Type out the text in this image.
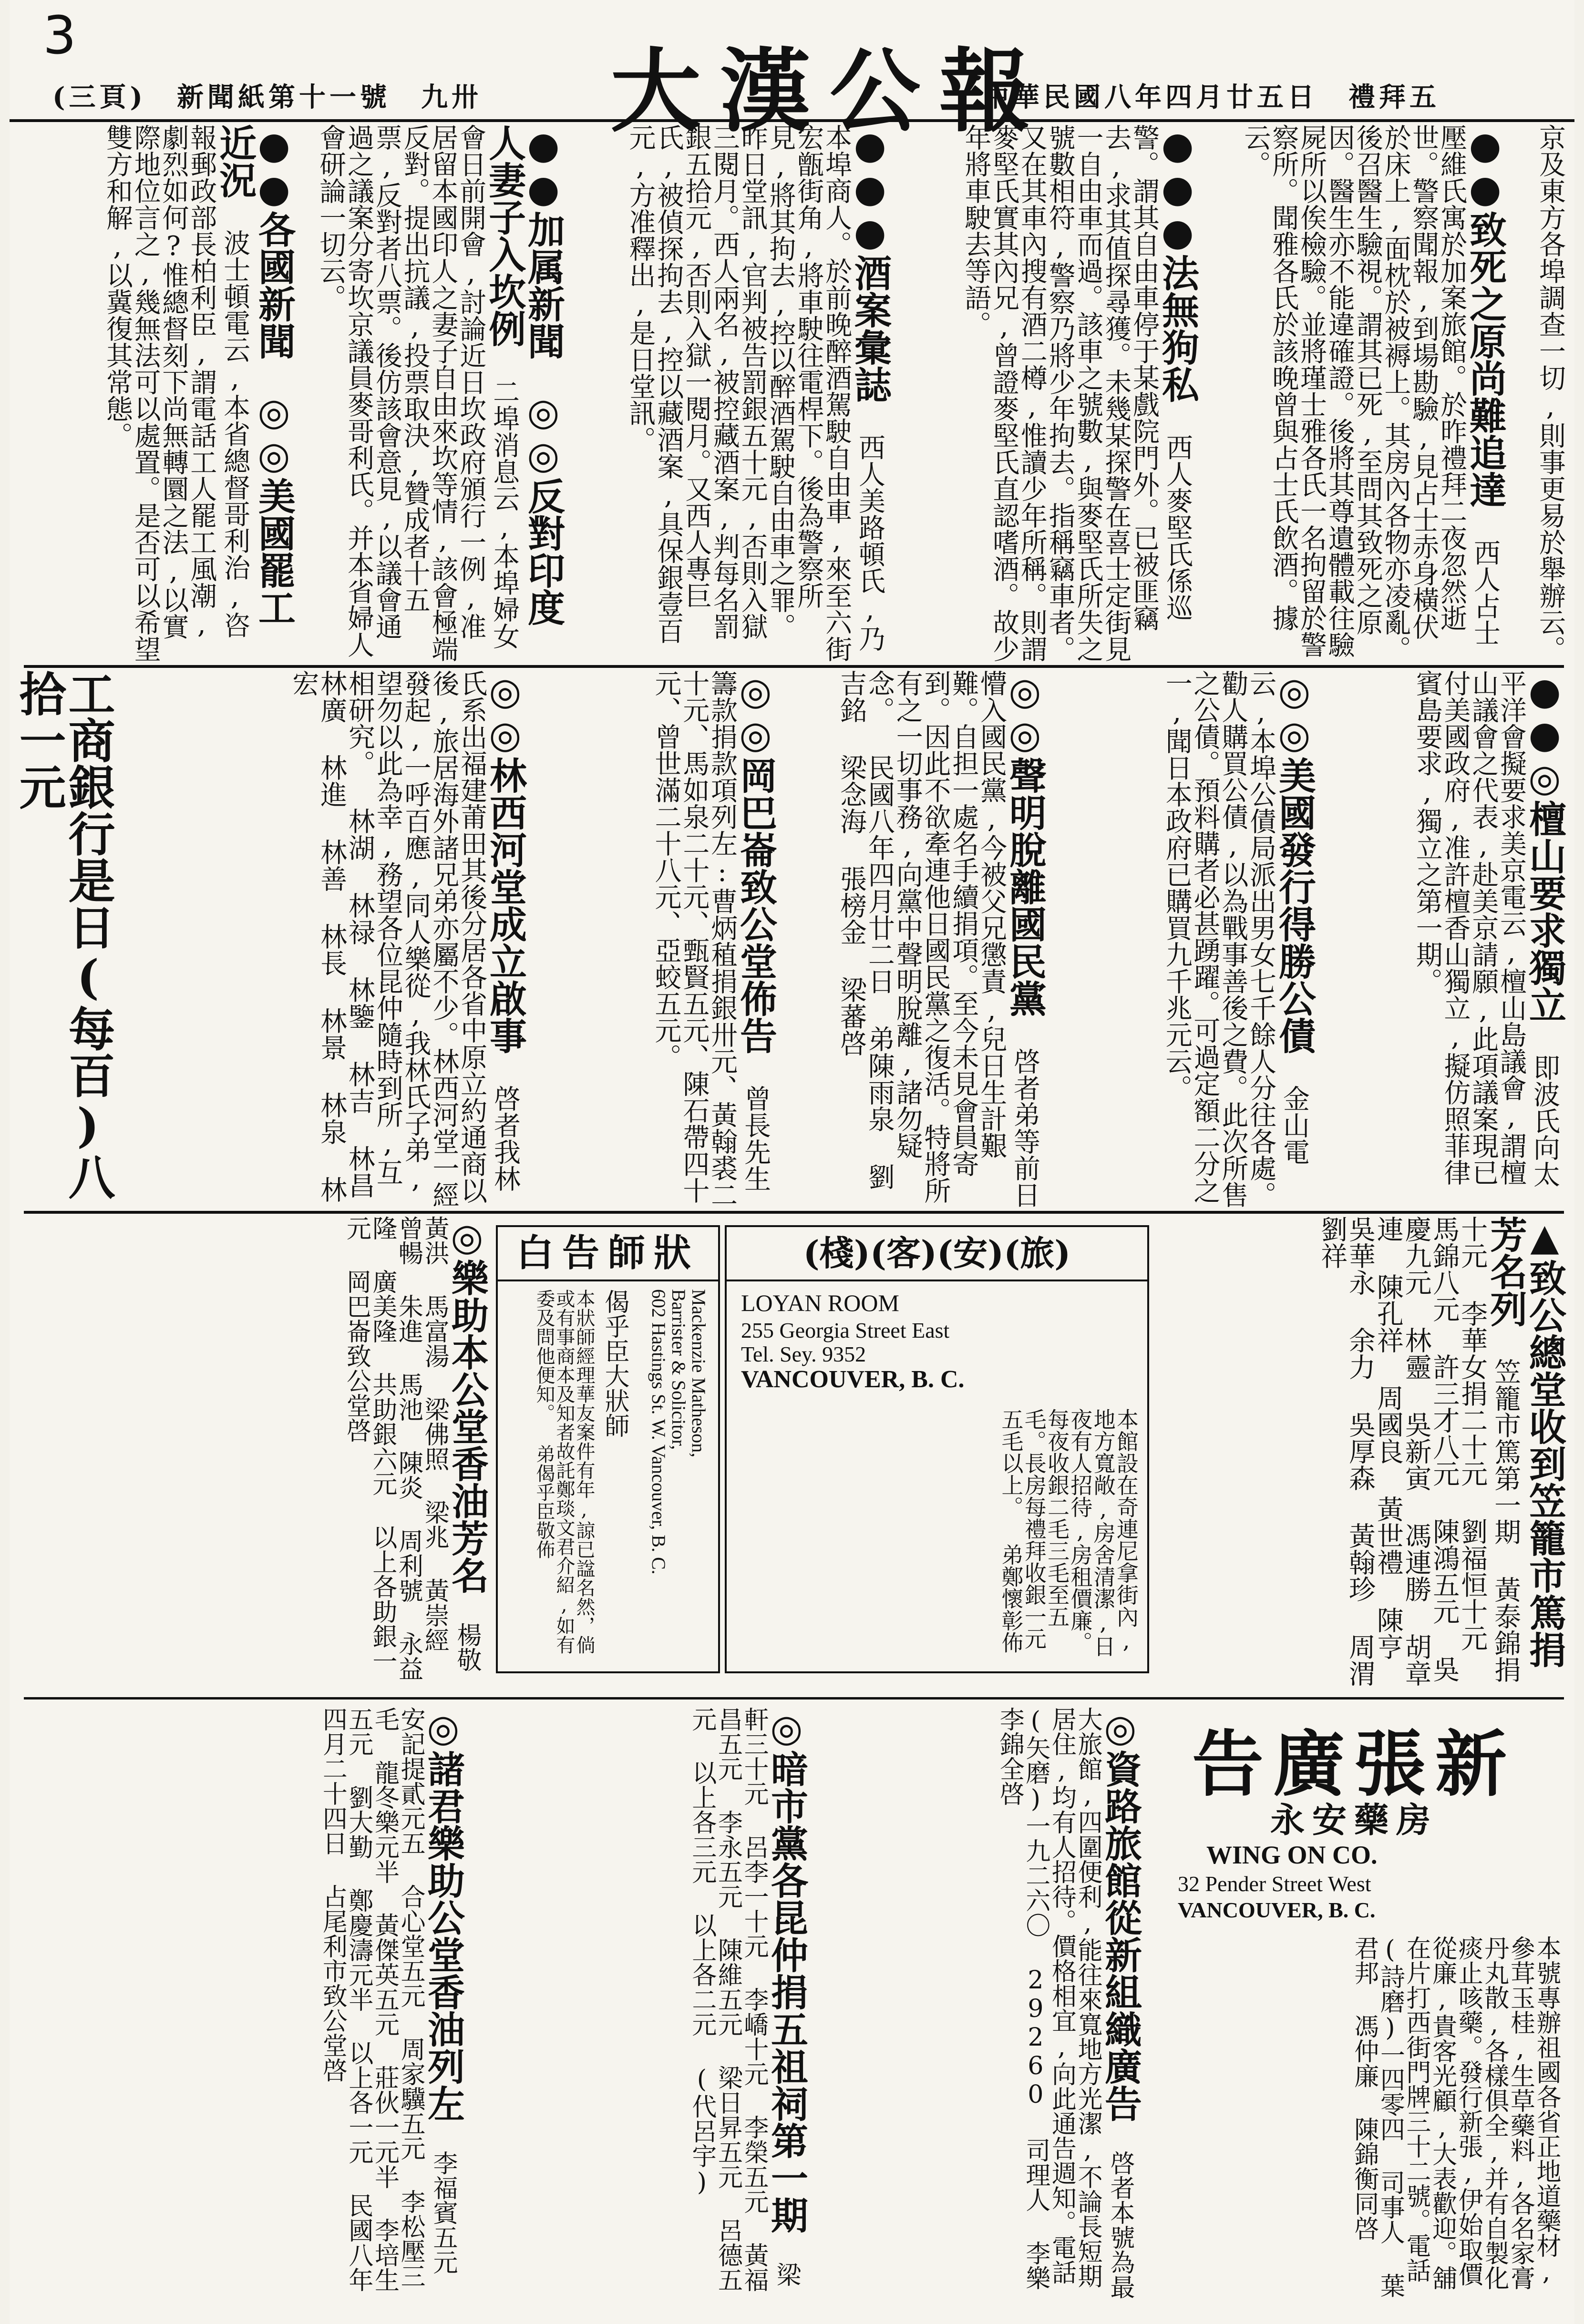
3
(三頁)　新聞紙第十一號　九卅 大漢公報
中華民國八年四月廿五日　禮拜五
京及東方各埠調查一切,則事更易於舉辦云。
●●致死之原尚難追達 西人占士壓維氏寓於加案旅館。於昨禮拜二夜忽然逝世。警察聞報,到場勘驗,見占士赤身橫伏於床上,面枕於被褥上。其房內各物亦凌亂。後召醫生驗視。謂其已死,至問其致死之原因。醫生亦不能違確證。後將其尊遺體載往驗屍所以俟檢驗。並將瑾士雅各氏一名拘留於警察所。聞雅各氏於該晚曾與占士氏飲酒。據云。
●●●法無狗私 西人麥堅氏係巡警。謂其自由車停于某戲院門外。已被匪竊去,求其值探尋獲。未幾某探警在喜士定街見一自由車而過。該車之號數,與麥堅氏所失之號數相符,警察乃將少年拘去。指稱竊車者。又在其車內搜有酒二樽,惟讀少年所稱。則謂麥堅氏實其內兄,曾證麥堅氏直認嗜酒。故少年將車駛去等語。
●●●酒案彙誌 西人美路頓氏,乃本埠商人。於前晚醉酒駕駛自由車,來至六街宏甑街角,將車駛往電桿下。後為警察所見,將其拘去,控以醉酒駕駛自由車之罪。昨日堂訊,官判被告罰銀五十元,否則入獄三閱月。西人兩名,被控藏酒案,判每名罰銀五拾元,否則入獄一閱月。又西人專巨氏,被偵探拘去,控以藏酒案,具保銀壹百元,方准釋出,是日堂訊。
●●加属新聞 ◎◎反對印度人妻子入坎例 二埠消息云,本埠婦女會日前開會,討論近日坎政府頒行一例,准居留本國印人之妻子自由來坎等情,該會極端反對。提出抗議,投票取決,贊成者十五票,反對者八票。後仿該會意見,以議會通過之議案分寄坎京議員麥哥利氏。并本省婦人會研論一切云。
●●各國新聞 ◎◎美國罷工近況 波士頓電云,本省總督哥利治,咨報郵政部長柏利臣,謂電話工人罷工風潮,劇烈如何?惟總督刻下尚無轉圜之法,以實際地位言之,幾無法可以處置。是否可以希望雙方和解,以冀復其常態。
●●◎檀山要求獨立 即波氏向太平洋會擬要求美京電云,檀山島議會,謂檀山議會之代表,赴美京請願,此項議案現已付美國政府,准許檀香山獨立,擬仿照菲律賓島要求,獨立之第一期。
◎◎美國發行得勝公債 金山電云,本埠公債局派出男女七千餘人分往各處。勸人購買公債,以為戰事善後之費。此次所售之公債。預料購者必甚踴躍。可過定額二分之一,聞日本政府已購買九千兆元云。
◎◎聲明脫離國民黨 啓者弟等前日懵入國民黨,今被父兄懲責,兒日生計艱難。自担一處名手續捐項。至今未見會員寄到。因此不欲牽連他日國民黨之復活。特將所有之一切事務,向黨中聲明脫離,諸勿疑念。 民國八年四月廿二日 弟陳雨泉 劉吉銘 梁念海 張榜金 梁蕃啓
◎◎岡巴崙致公堂佈告 曾長先生籌款捐款項列左:曹炳稙捐銀卅元、黃翰裘二十元、馬如泉二十元、甄賢五元、陳石帶四十元、曾世滿二十八元、亞蛟五元。
◎◎林西河堂成立啟事 啓者我林氏系出福建莆田其後分居各省中原立約通商以後,旅居海外諸兄弟亦屬不少。林西河堂一經發起,一呼百應,同人樂從,我林氏子弟,望勿以此為幸,務望各位昆仲隨時到所,互相研究。 林湖 林禄 林鑒 林吉 林昌 林廣 林進 林善 林長 林景 林泉 林宏
工商銀行是日(每百)八拾一元
▲致公總堂收到笠籠市篤捐芳名列 笠籠市篤第一期 黃泰錦捐十元 李華女捐二十元 劉福恒十元 馬錦八元 許三才八元 陳鴻五元 吳慶九元 林靈 吳新寅 馮連勝 胡章連 陳孔祥 周國良 黃世禮 陳亨 吳華永 余力 吳厚森 黃翰珍 周渭 劉祥
白告師狀
Mackenzie Matheson,
Barrister & Solicitor,
602 Hastings St. W. Vancouver, B. C.
偈乎臣大狀師
本狀師經理華友案件有年,諒已諡名然，倘或有事商本及知者故託鄭琰文君介紹,如有委及問他便知。 弟偈乎臣敬佈
(旅)(安)(客)(棧)
LOYAN ROOM
255 Georgia Street East
Tel. Sey. 9352
VANCOUVER, B. C.
本館設在奇連尼拿街內,地方寬敞,房舍清潔,日夜有人招待,房租價廉。每夜收銀二毛三毛至五毛。長房每禮拜收銀一元五毛以上。 弟鄭懷彰佈
◎樂助本公堂香油芳名 楊敬 黃洪 馬富湯 梁佛照 梁兆 黃崇經 曾暢 朱進 馬池 陳炎 周利號 永益隆 廣美隆 共助銀六元 以上各助銀一元 岡巴崙致公堂啓
◎諸君樂助公堂香油列左 李福賓五元 安記提貳元五 合心堂五元 周家驥五元 李松壓三毛 龍冬樂元半 黃傑英五元 莊伙一元半 李培生五元 劉大勤 鄭慶濤元半 以上各一元 民國八年四月二十四日 占尾利市致公堂啓	◎暗市黨各昆仲捐五祖祠第一期 梁軒三十元 呂李一十元 李嶠十元 李榮五元 黃福昌五元 李永五元 陳維五元 梁日昇五元 呂德五元 以上各三元 以上各二元 (代呂宇)
◎資路旅館從新組織廣告 啓者本號為最大旅館,四圍便利,能往來寬地方光潔,不論長短期居住,均有人招待。價格相宜,向此通告週知。電話(矢磨)一九二六〇 29260 司理人 李樂 李錦全啓	告廣張新
永安藥房
WING ON CO.
32 Pender Street West
VANCOUVER, B. C.
本號專辦祖國各省正地道藥材,參茸玉桂,生草藥料,各名家膏丹丸散,各樣俱全,并有自製化痰止咳藥。發行新張,伊始取價從廉,貴客光顧,大表歡迎。舖在片打西街門牌三十二號。電話(詩磨)一四零四 司事人 葉君邦 馮仲廉 陳錦衡同啓
